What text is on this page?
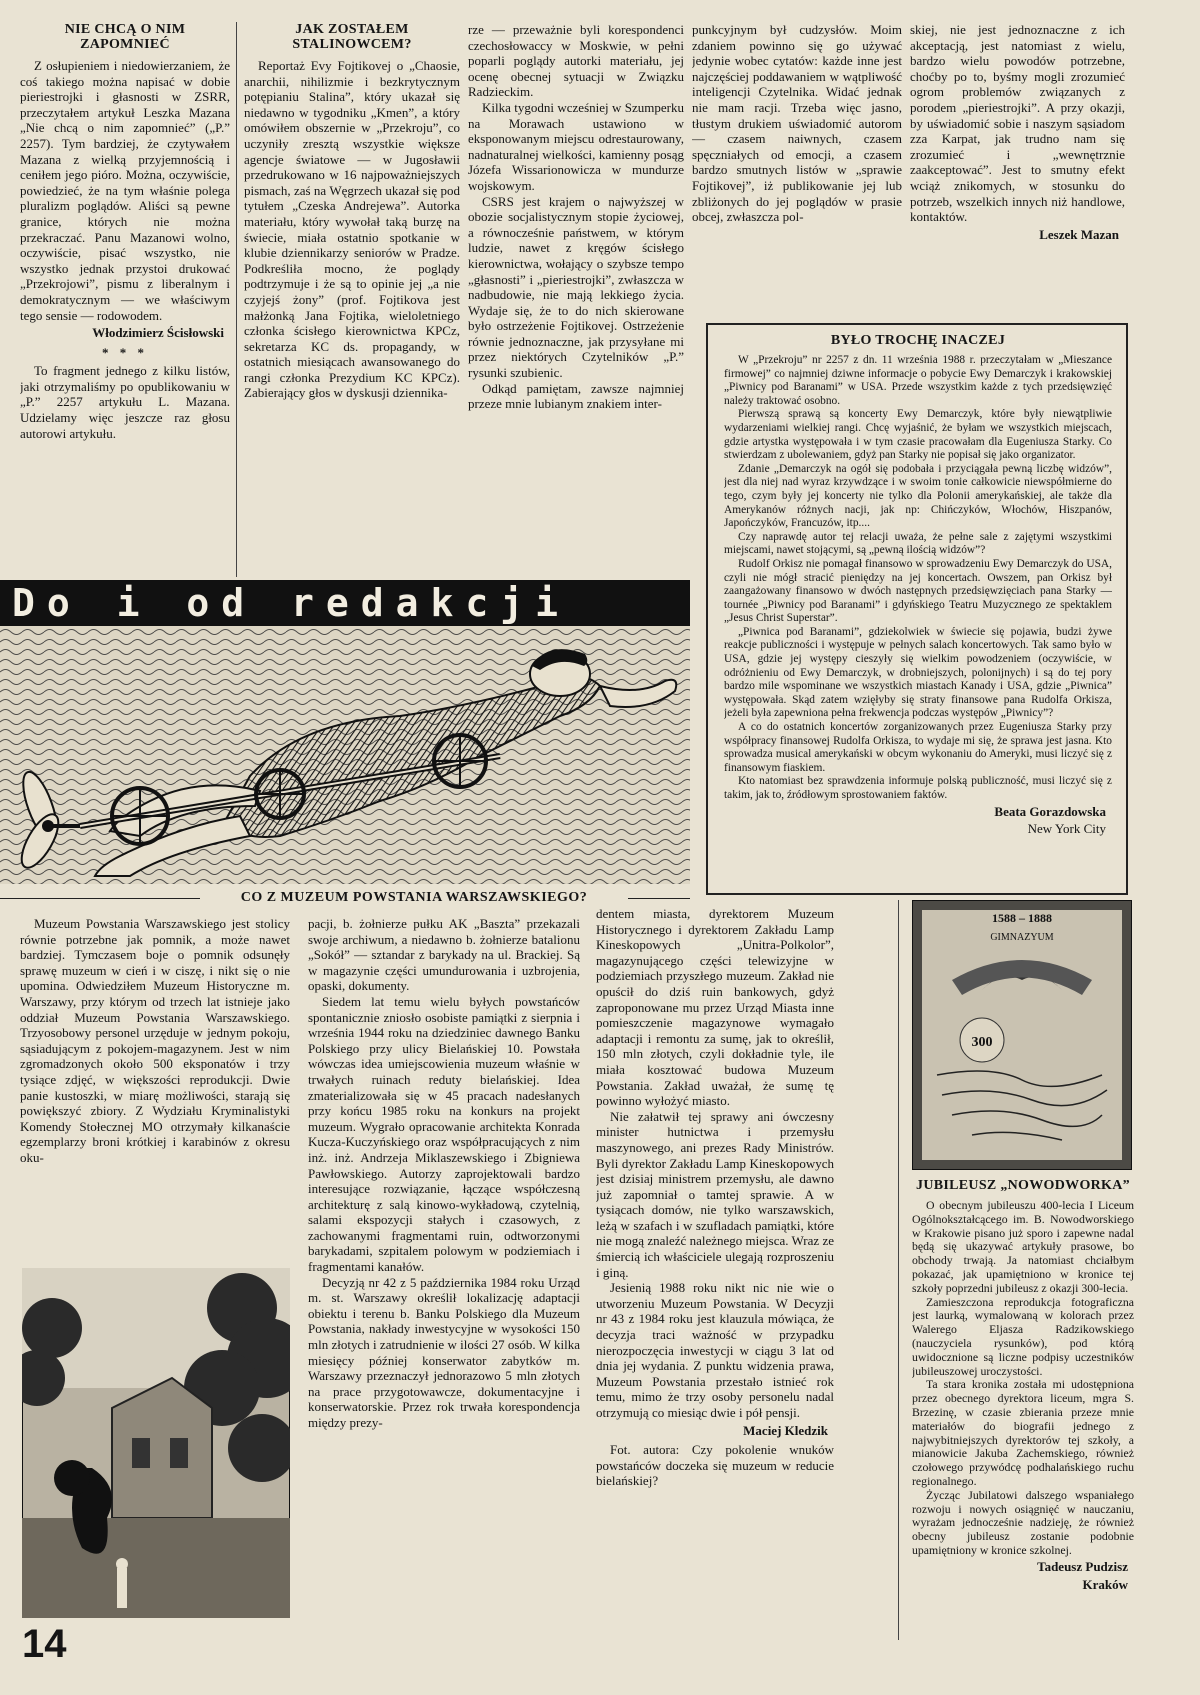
NIE CHCĄ O NIM ZAPOMNIEĆ

Z osłupieniem i niedowierzaniem, że coś takiego można napisać w dobie pieriestrojki i głasnosti w ZSRR, przeczytałem artykuł Leszka Mazana „Nie chcą o nim zapomnieć” („P.” 2257). Tym bardziej, że czytywałem Mazana z wielką przyjemnością i ceniłem jego pióro. Można, oczywiście, powiedzieć, że na tym właśnie polega pluralizm poglądów. Aliści są pewne granice, których nie można przekraczać. Panu Mazanowi wolno, oczywiście, pisać wszystko, nie wszystko jednak przystoi drukować „Przekrojowi”, pismu z liberalnym i demokratycznym — we właściwym tego sensie — rodowodem.

Włodzimierz Ścisłowski
* * *

To fragment jednego z kilku listów, jaki otrzymaliśmy po opublikowaniu w „P.” 2257 artykułu L. Mazana. Udzielamy więc jeszcze raz głosu autorowi artykułu.

JAK ZOSTAŁEM STALINOWCEM?

Reportaż Evy Fojtikovej o „Chaosie, anarchii, nihilizmie i bezkrytycznym potępianiu Stalina”, który ukazał się niedawno w tygodniku „Kmen”, a który omówiłem obszernie w „Przekroju”, co uczyniły zresztą wszystkie większe agencje światowe — w Jugosławii przedrukowano w 16 najpoważniejszych pismach, zaś na Węgrzech ukazał się pod tytułem „Czeska Andrejewa”. Autorka materiału, który wywołał taką burzę na świecie, miała ostatnio spotkanie w klubie dziennikarzy seniorów w Pradze. Podkreśliła mocno, że poglądy podtrzymuje i że są to opinie jej „a nie czyjejś żony” (prof. Fojtikova jest małżonką Jana Fojtika, wieloletniego członka ścisłego kierownictwa KPCz, sekretarza KC ds. propagandy, w ostatnich miesiącach awansowanego do rangi członka Prezydium KC KPCz). Zabierający głos w dyskusji dziennika-

rze — przeważnie byli korespondenci czechosłowaccy w Moskwie, w pełni poparli poglądy autorki materiału, jej ocenę obecnej sytuacji w Związku Radzieckim.

Kilka tygodni wcześniej w Szumperku na Morawach ustawiono w eksponowanym miejscu odrestaurowany, nadnaturalnej wielkości, kamienny posąg Józefa Wissarionowicza w mundurze wojskowym.

CSRS jest krajem o najwyższej w obozie socjalistycznym stopie życiowej, a równocześnie państwem, w którym ludzie, nawet z kręgów ścisłego kierownictwa, wołający o szybsze tempo „głasnosti” i „pieriestrojki”, zwłaszcza w nadbudowie, nie mają lekkiego życia. Wydaje się, że to do nich skierowane było ostrzeżenie Fojtikovej. Ostrzeżenie równie jednoznaczne, jak przysyłane mi przez niektórych Czytelników „P.” rysunki szubienic.

Odkąd pamiętam, zawsze najmniej przeze mnie lubianym znakiem inter-

punkcyjnym był cudzysłów. Moim zdaniem powinno się go używać jedynie wobec cytatów: każde inne jest najczęściej poddawaniem w wątpliwość inteligencji Czytelnika. Widać jednak nie mam racji. Trzeba więc jasno, tłustym drukiem uświadomić autorom — czasem naiwnych, czasem spęczniałych od emocji, a czasem bardzo smutnych listów w „sprawie Fojtikovej”, iż publikowanie jej lub zbliżonych do jej poglądów w prasie obcej, zwłaszcza pol-

skiej, nie jest jednoznaczne z ich akceptacją, jest natomiast z wielu, bardzo wielu powodów potrzebne, choćby po to, byśmy mogli zrozumieć ogrom problemów związanych z porodem „pieriestrojki”. A przy okazji, by uświadomić sobie i naszym sąsiadom zza Karpat, jak trudno nam się zrozumieć i „wewnętrznie zaakceptować”. Jest to smutny efekt wciąż znikomych, w stosunku do potrzeb, wszelkich innych niż handlowe, kontaktów.

Leszek Mazan
Do i od redakcji
BYŁO TROCHĘ INACZEJ

W „Przekroju” nr 2257 z dn. 11 września 1988 r. przeczytałam w „Mieszance firmowej” co najmniej dziwne informacje o pobycie Ewy Demarczyk i krakowskiej „Piwnicy pod Baranami” w USA. Przede wszystkim każde z tych przedsięwzięć należy traktować osobno.

Pierwszą sprawą są koncerty Ewy Demarczyk, które były niewątpliwie wydarzeniami wielkiej rangi. Chcę wyjaśnić, że byłam we wszystkich miejscach, gdzie artystka występowała i w tym czasie pracowałam dla Eugeniusza Starky. Co stwierdzam z ubolewaniem, gdyż pan Starky nie popisał się jako organizator.

Zdanie „Demarczyk na ogół się podobała i przyciągała pewną liczbę widzów”, jest dla niej nad wyraz krzywdzące i w swoim tonie całkowicie niewspółmierne do tego, czym były jej koncerty nie tylko dla Polonii amerykańskiej, ale także dla Amerykanów różnych nacji, jak np: Chińczyków, Włochów, Hiszpanów, Japończyków, Francuzów, itp....

Czy naprawdę autor tej relacji uważa, że pełne sale z zajętymi wszystkimi miejscami, nawet stojącymi, są „pewną ilością widzów”?

Rudolf Orkisz nie pomagał finansowo w sprowadzeniu Ewy Demarczyk do USA, czyli nie mógł stracić pieniędzy na jej koncertach. Owszem, pan Orkisz był zaangażowany finansowo w dwóch następnych przedsięwzięciach pana Starky — tournée „Piwnicy pod Baranami” i gdyńskiego Teatru Muzycznego ze spektaklem „Jesus Christ Superstar”.

„Piwnica pod Baranami”, gdziekolwiek w świecie się pojawia, budzi żywe reakcje publiczności i występuje w pełnych salach koncertowych. Tak samo było w USA, gdzie jej występy cieszyły się wielkim powodzeniem (oczywiście, w odróżnieniu od Ewy Demarczyk, w drobniejszych, polonijnych) i są do tej pory bardzo mile wspominane we wszystkich miastach Kanady i USA, gdzie „Piwnica” występowała. Skąd zatem wzięłyby się straty finansowe pana Rudolfa Orkisza, jeżeli była zapewniona pełna frekwencja podczas występów „Piwnicy”?

A co do ostatnich koncertów zorganizowanych przez Eugeniusza Starky przy współpracy finansowej Rudolfa Orkisza, to wydaje mi się, że sprawa jest jasna. Kto sprowadza musical amerykański w obcym wykonaniu do Ameryki, musi liczyć się z finansowym fiaskiem.

Kto natomiast bez sprawdzenia informuje polską publiczność, musi liczyć się z takim, jak to, źródłowym sprostowaniem faktów.

Beata Gorazdowska
New York City
CO Z MUZEUM POWSTANIA WARSZAWSKIEGO?

Muzeum Powstania Warszawskiego jest stolicy równie potrzebne jak pomnik, a może nawet bardziej. Tymczasem boje o pomnik odsunęły sprawę muzeum w cień i w ciszę, i nikt się o nie upomina. Odwiedziłem Muzeum Historyczne m. Warszawy, przy którym od trzech lat istnieje jako oddział Muzeum Powstania Warszawskiego. Trzyosobowy personel urzęduje w jednym pokoju, sąsiadującym z pokojem-magazynem. Jest w nim zgromadzonych około 500 eksponatów i trzy tysiące zdjęć, w większości reprodukcji. Dwie panie kustoszki, w miarę możliwości, starają się powiększyć zbiory. Z Wydziału Kryminalistyki Komendy Stołecznej MO otrzymały kilkanaście egzemplarzy broni krótkiej i karabinów z okresu oku-

pacji, b. żołnierze pułku AK „Baszta” przekazali swoje archiwum, a niedawno b. żołnierze batalionu „Sokół” — sztandar z barykady na ul. Brackiej. Są w magazynie części umundurowania i uzbrojenia, opaski, dokumenty.

Siedem lat temu wielu byłych powstańców spontanicznie zniosło osobiste pamiątki z sierpnia i września 1944 roku na dziedziniec dawnego Banku Polskiego przy ulicy Bielańskiej 10. Powstała wówczas idea umiejscowienia muzeum właśnie w trwałych ruinach reduty bielańskiej. Idea zmaterializowała się w 45 pracach nadesłanych przy końcu 1985 roku na konkurs na projekt muzeum. Wygrało opracowanie architekta Konrada Kucza-Kuczyńskiego oraz współpracujących z nim inż. inż. Andrzeja Miklaszewskiego i Zbigniewa Pawłowskiego. Autorzy zaprojektowali bardzo interesujące rozwiązanie, łączące współczesną architekturę z salą kinowo-wykładową, czytelnią, salami ekspozycji stałych i czasowych, z zachowanymi fragmentami ruin, odtworzonymi barykadami, szpitalem polowym w podziemiach i fragmentami kanałów.

Decyzją nr 42 z 5 października 1984 roku Urząd m. st. Warszawy określił lokalizację adaptacji obiektu i terenu b. Banku Polskiego dla Muzeum Powstania, nakłady inwestycyjne w wysokości 150 mln złotych i zatrudnienie w ilości 27 osób. W kilka miesięcy później konserwator zabytków m. Warszawy przeznaczył jednorazowo 5 mln złotych na prace przygotowawcze, dokumentacyjne i konserwatorskie. Przez rok trwała korespondencja między prezy-

dentem miasta, dyrektorem Muzeum Historycznego i dyrektorem Zakładu Lamp Kineskopowych „Unitra-Polkolor”, magazynującego części telewizyjne w podziemiach przyszłego muzeum. Zakład nie opuścił do dziś ruin bankowych, gdyż zaproponowane mu przez Urząd Miasta inne pomieszczenie magazynowe wymagało adaptacji i remontu za sumę, jak to określił, 150 mln złotych, czyli dokładnie tyle, ile miała kosztować budowa Muzeum Powstania. Zakład uważał, że sumę tę powinno wyłożyć miasto.

Nie załatwił tej sprawy ani ówczesny minister hutnictwa i przemysłu maszynowego, ani prezes Rady Ministrów. Byli dyrektor Zakładu Lamp Kineskopowych jest dzisiaj ministrem przemysłu, ale dawno już zapomniał o tamtej sprawie. A w tysiącach domów, nie tylko warszawskich, leżą w szafach i w szufladach pamiątki, które nie mogą znaleźć należnego miejsca. Wraz ze śmiercią ich właściciele ulegają rozproszeniu i giną.

Jesienią 1988 roku nikt nic nie wie o utworzeniu Muzeum Powstania. W Decyzji nr 43 z 1984 roku jest klauzula mówiąca, że decyzja traci ważność w przypadku nierozpoczęcia inwestycji w ciągu 3 lat od dnia jej wydania. Z punktu widzenia prawa, Muzeum Powstania przestało istnieć rok temu, mimo że trzy osoby personelu nadal otrzymują co miesiąc dwie i pół pensji.

Maciej Kledzik

Fot. autora: Czy pokolenie wnuków powstańców doczeka się muzeum w reducie bielańskiej?

1588 – 1888
GIMNAZYUM
300
JUBILEUSZ „NOWODWORKA”

O obecnym jubileuszu 400-lecia I Liceum Ogólnokształcącego im. B. Nowodworskiego w Krakowie pisano już sporo i zapewne nadal będą się ukazywać artykuły prasowe, bo obchody trwają. Ja natomiast chciałbym pokazać, jak upamiętniono w kronice tej szkoły poprzedni jubileusz z okazji 300-lecia.

Zamieszczona reprodukcja fotograficzna jest laurką, wymalowaną w kolorach przez Walerego Eljasza Radzikowskiego (nauczyciela rysunków), pod którą uwidocznione są liczne podpisy uczestników jubileuszowej uroczystości.

Ta stara kronika została mi udostępniona przez obecnego dyrektora liceum, mgra S. Brzezinę, w czasie zbierania przeze mnie materiałów do biografii jednego z najwybitniejszych dyrektorów tej szkoły, a mianowicie Jakuba Zachemskiego, również czołowego przywódcę podhalańskiego ruchu regionalnego.

Życząc Jubilatowi dalszego wspaniałego rozwoju i nowych osiągnięć w nauczaniu, wyrażam jednocześnie nadzieję, że również obecny jubileusz zostanie podobnie upamiętniony w kronice szkolnej.

Tadeusz Pudzisz
Kraków
14
